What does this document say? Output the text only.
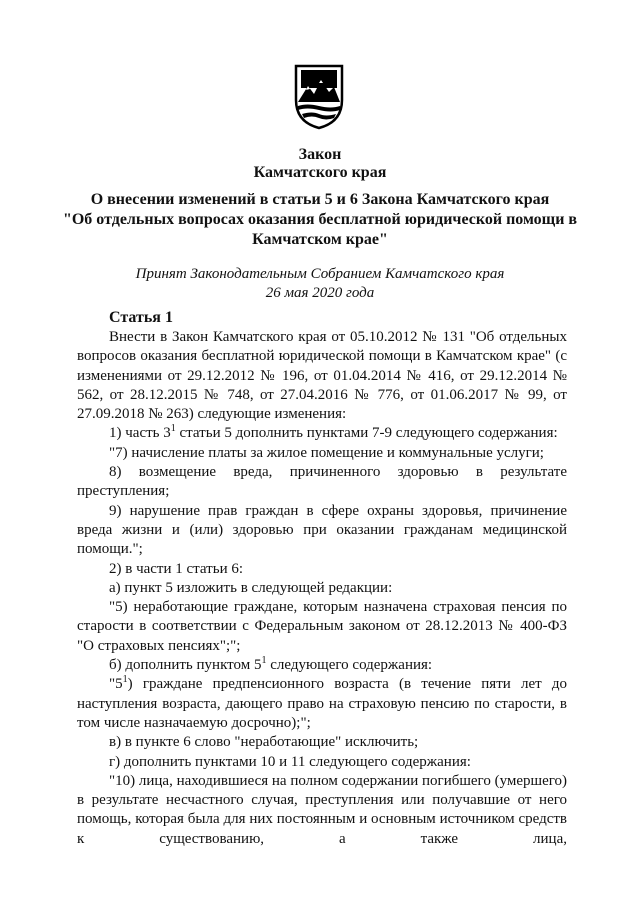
Закон
Камчатского края
О внесении изменений в статьи 5 и 6 Закона Камчатского края
"Об отдельных вопросах оказания бесплатной юридической помощи в
Камчатском крае"
Принят Законодательным Собранием Камчатского края
26 мая 2020 года
Статья 1

Внести в Закон Камчатского края от 05.10.2012 № 131 "Об отдельных вопросов оказания бесплатной юридической помощи в Камчатском крае" (с изменениями от 29.12.2012 № 196, от 01.04.2014 № 416, от 29.12.2014 № 562, от 28.12.2015 № 748, от 27.04.2016 № 776, от 01.06.2017 № 99, от 27.09.2018 № 263) следующие изменения:

1) часть $3^1$ статьи 5 дополнить пунктами 7-9 следующего содержания:

"7) начисление платы за жилое помещение и коммунальные услуги;

8) возмещение вреда, причиненного здоровью в результате преступления;

9) нарушение прав граждан в сфере охраны здоровья, причинение вреда жизни и (или) здоровью при оказании гражданам медицинской помощи.";

2) в части 1 статьи 6:

а) пункт 5 изложить в следующей редакции:

"5) неработающие граждане, которым назначена страховая пенсия по старости в соответствии с Федеральным законом от 28.12.2013 № 400-ФЗ "О страховых пенсиях";";

б) дополнить пунктом $5^1$ следующего содержания:

"$5^1$) граждане предпенсионного возраста (в течение пяти лет до наступления возраста, дающего право на страховую пенсию по старости, в том числе назначаемую досрочно);";

в) в пункте 6 слово "неработающие" исключить;

г) дополнить пунктами 10 и 11 следующего содержания:

"10) лица, находившиеся на полном содержании погибшего (умершего) в результате несчастного случая, преступления или получавшие от него помощь, которая была для них постоянным и основным источником средств к существованию, а также лица,
